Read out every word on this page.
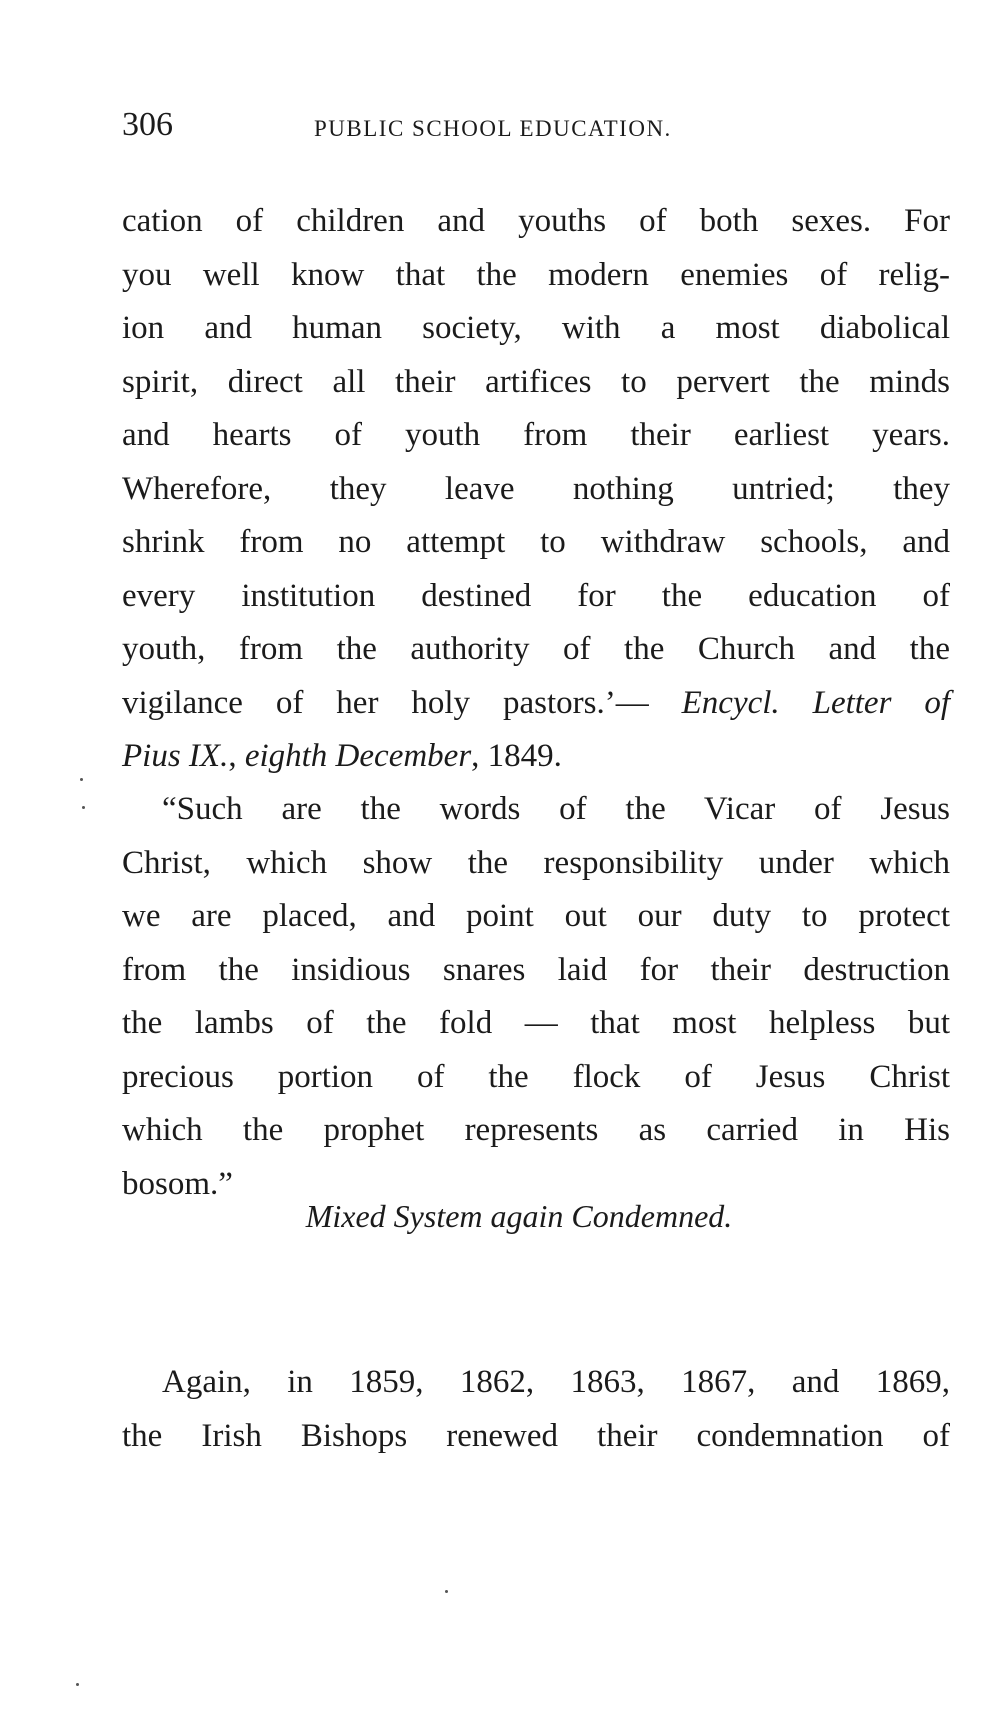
306	PUBLIC SCHOOL EDUCATION.
cation of children and youths of both sexes. For
you well know that the modern enemies of relig-
ion and human society, with a most diabolical
spirit, direct all their artifices to pervert the minds
and hearts of youth from their earliest years.
Wherefore, they leave nothing untried; they
shrink from no attempt to withdraw schools, and
every institution destined for the education of
youth, from the authority of the Church and the
vigilance of her holy pastors.’— Encycl. Letter of
Pius IX., eighth December, 1849.
“Such are the words of the Vicar of Jesus
Christ, which show the responsibility under which
we are placed, and point out our duty to protect
from the insidious snares laid for their destruction
the lambs of the fold — that most helpless but
precious portion of the flock of Jesus Christ
which the prophet represents as carried in His
bosom.”
Mixed System again Condemned.
Again, in 1859, 1862, 1863, 1867, and 1869,
the Irish Bishops renewed their condemnation of
